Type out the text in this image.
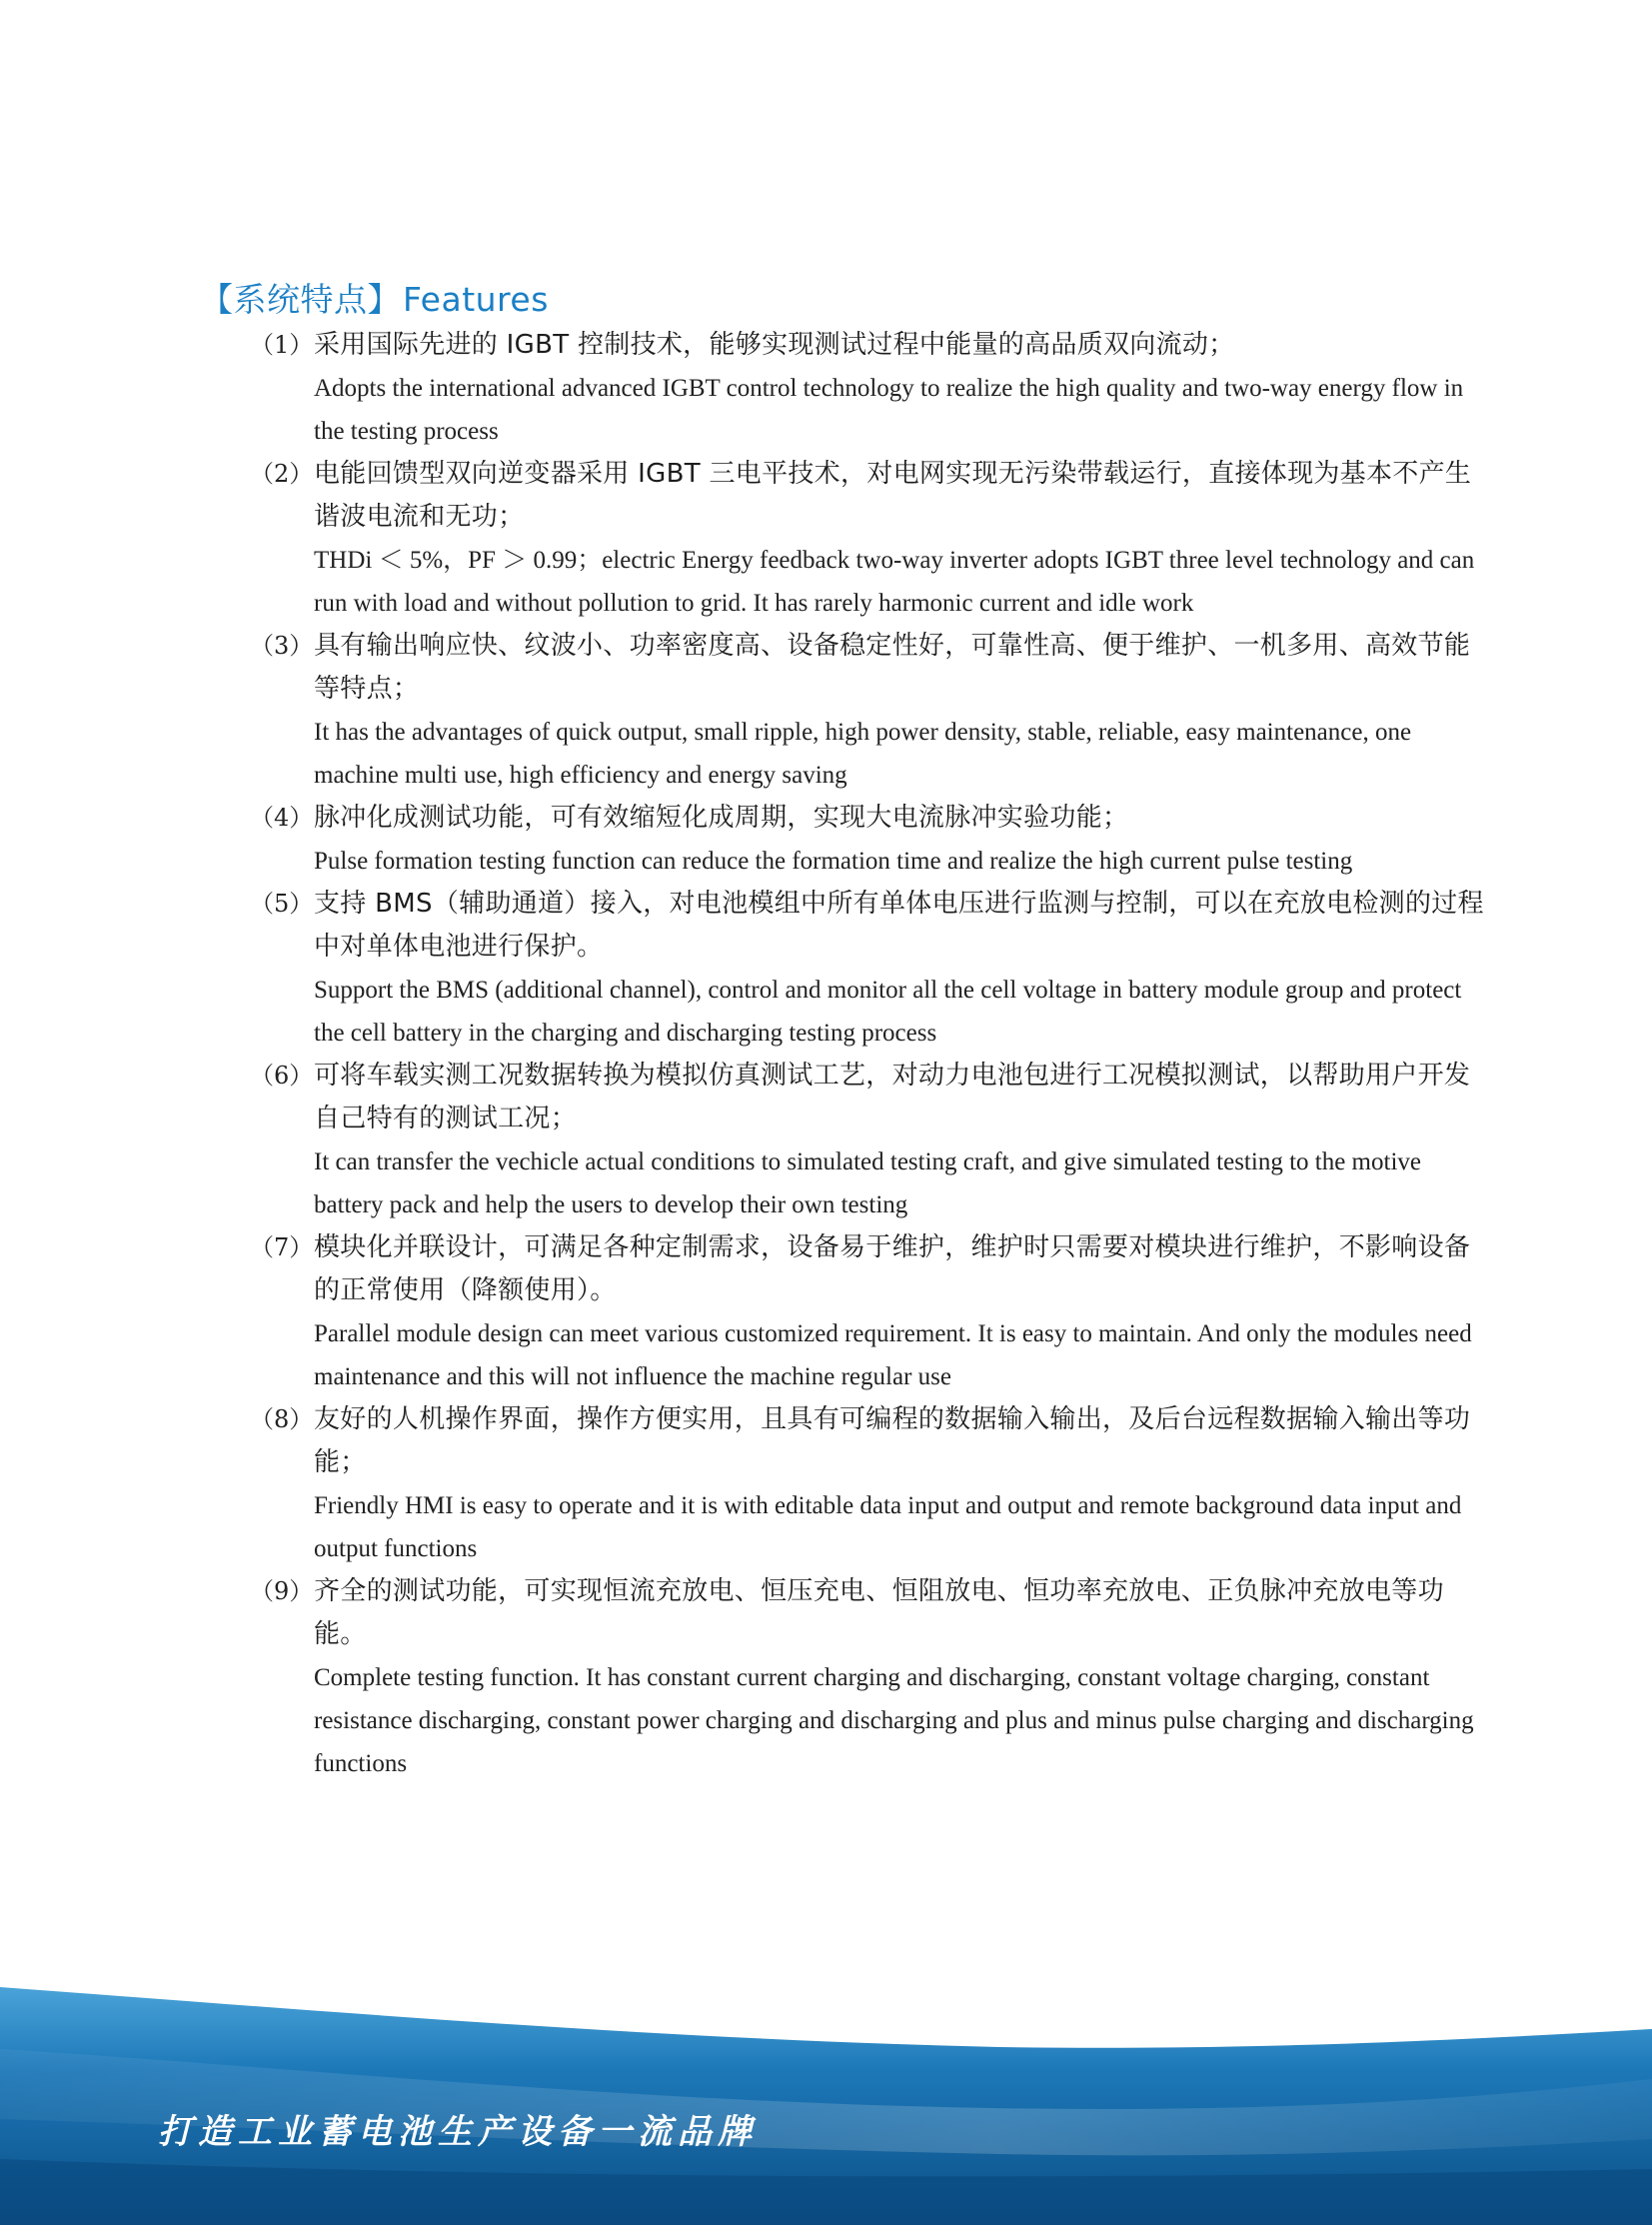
【系统特点】Features
（1） 采用国际先进的 IGBT 控制技术，能够实现测试过程中能量的高品质双向流动；
Adopts the international advanced IGBT control technology to realize the high quality and two-way energy flow in the testing process
（2） 电能回馈型双向逆变器采用 IGBT 三电平技术，对电网实现无污染带载运行，直接体现为基本不产生谐波电流和无功；
THDi ＜ 5%，PF ＞ 0.99；electric Energy feedback two-way inverter adopts IGBT three level technology and can run with load and without pollution to grid. It has rarely harmonic current and idle work
（3） 具有输出响应快、纹波小、功率密度高、设备稳定性好，可靠性高、便于维护、一机多用、高效节能等特点；
It has the advantages of quick output, small ripple, high power density, stable, reliable, easy maintenance, one machine multi use, high efficiency and energy saving
（4） 脉冲化成测试功能，可有效缩短化成周期，实现大电流脉冲实验功能；
Pulse formation testing function can reduce the formation time and realize the high current pulse testing
（5） 支持 BMS（辅助通道）接入，对电池模组中所有单体电压进行监测与控制，可以在充放电检测的过程中对单体电池进行保护。
Support the BMS (additional channel), control and monitor all the cell voltage in battery module group and protect the cell battery in the charging and discharging testing process
（6） 可将车载实测工况数据转换为模拟仿真测试工艺，对动力电池包进行工况模拟测试，以帮助用户开发自己特有的测试工况；
It can transfer the vechicle actual conditions to simulated testing craft, and give simulated testing to the motive battery pack and help the users to develop their own testing
（7） 模块化并联设计，可满足各种定制需求，设备易于维护，维护时只需要对模块进行维护，不影响设备的正常使用（降额使用）。
Parallel module design can meet various customized requirement. It is easy to maintain. And only the modules need maintenance and this will not influence the machine regular use
（8） 友好的人机操作界面，操作方便实用，且具有可编程的数据输入输出，及后台远程数据输入输出等功能；
Friendly HMI is easy to operate and it is with editable data input and output and remote background data input and output functions
（9） 齐全的测试功能，可实现恒流充放电、恒压充电、恒阻放电、恒功率充放电、正负脉冲充放电等功能。
Complete testing function. It has constant current charging and discharging, constant voltage charging, constant resistance discharging, constant power charging and discharging and plus and minus pulse charging and discharging functions
打造工业蓄电池生产设备一流品牌
